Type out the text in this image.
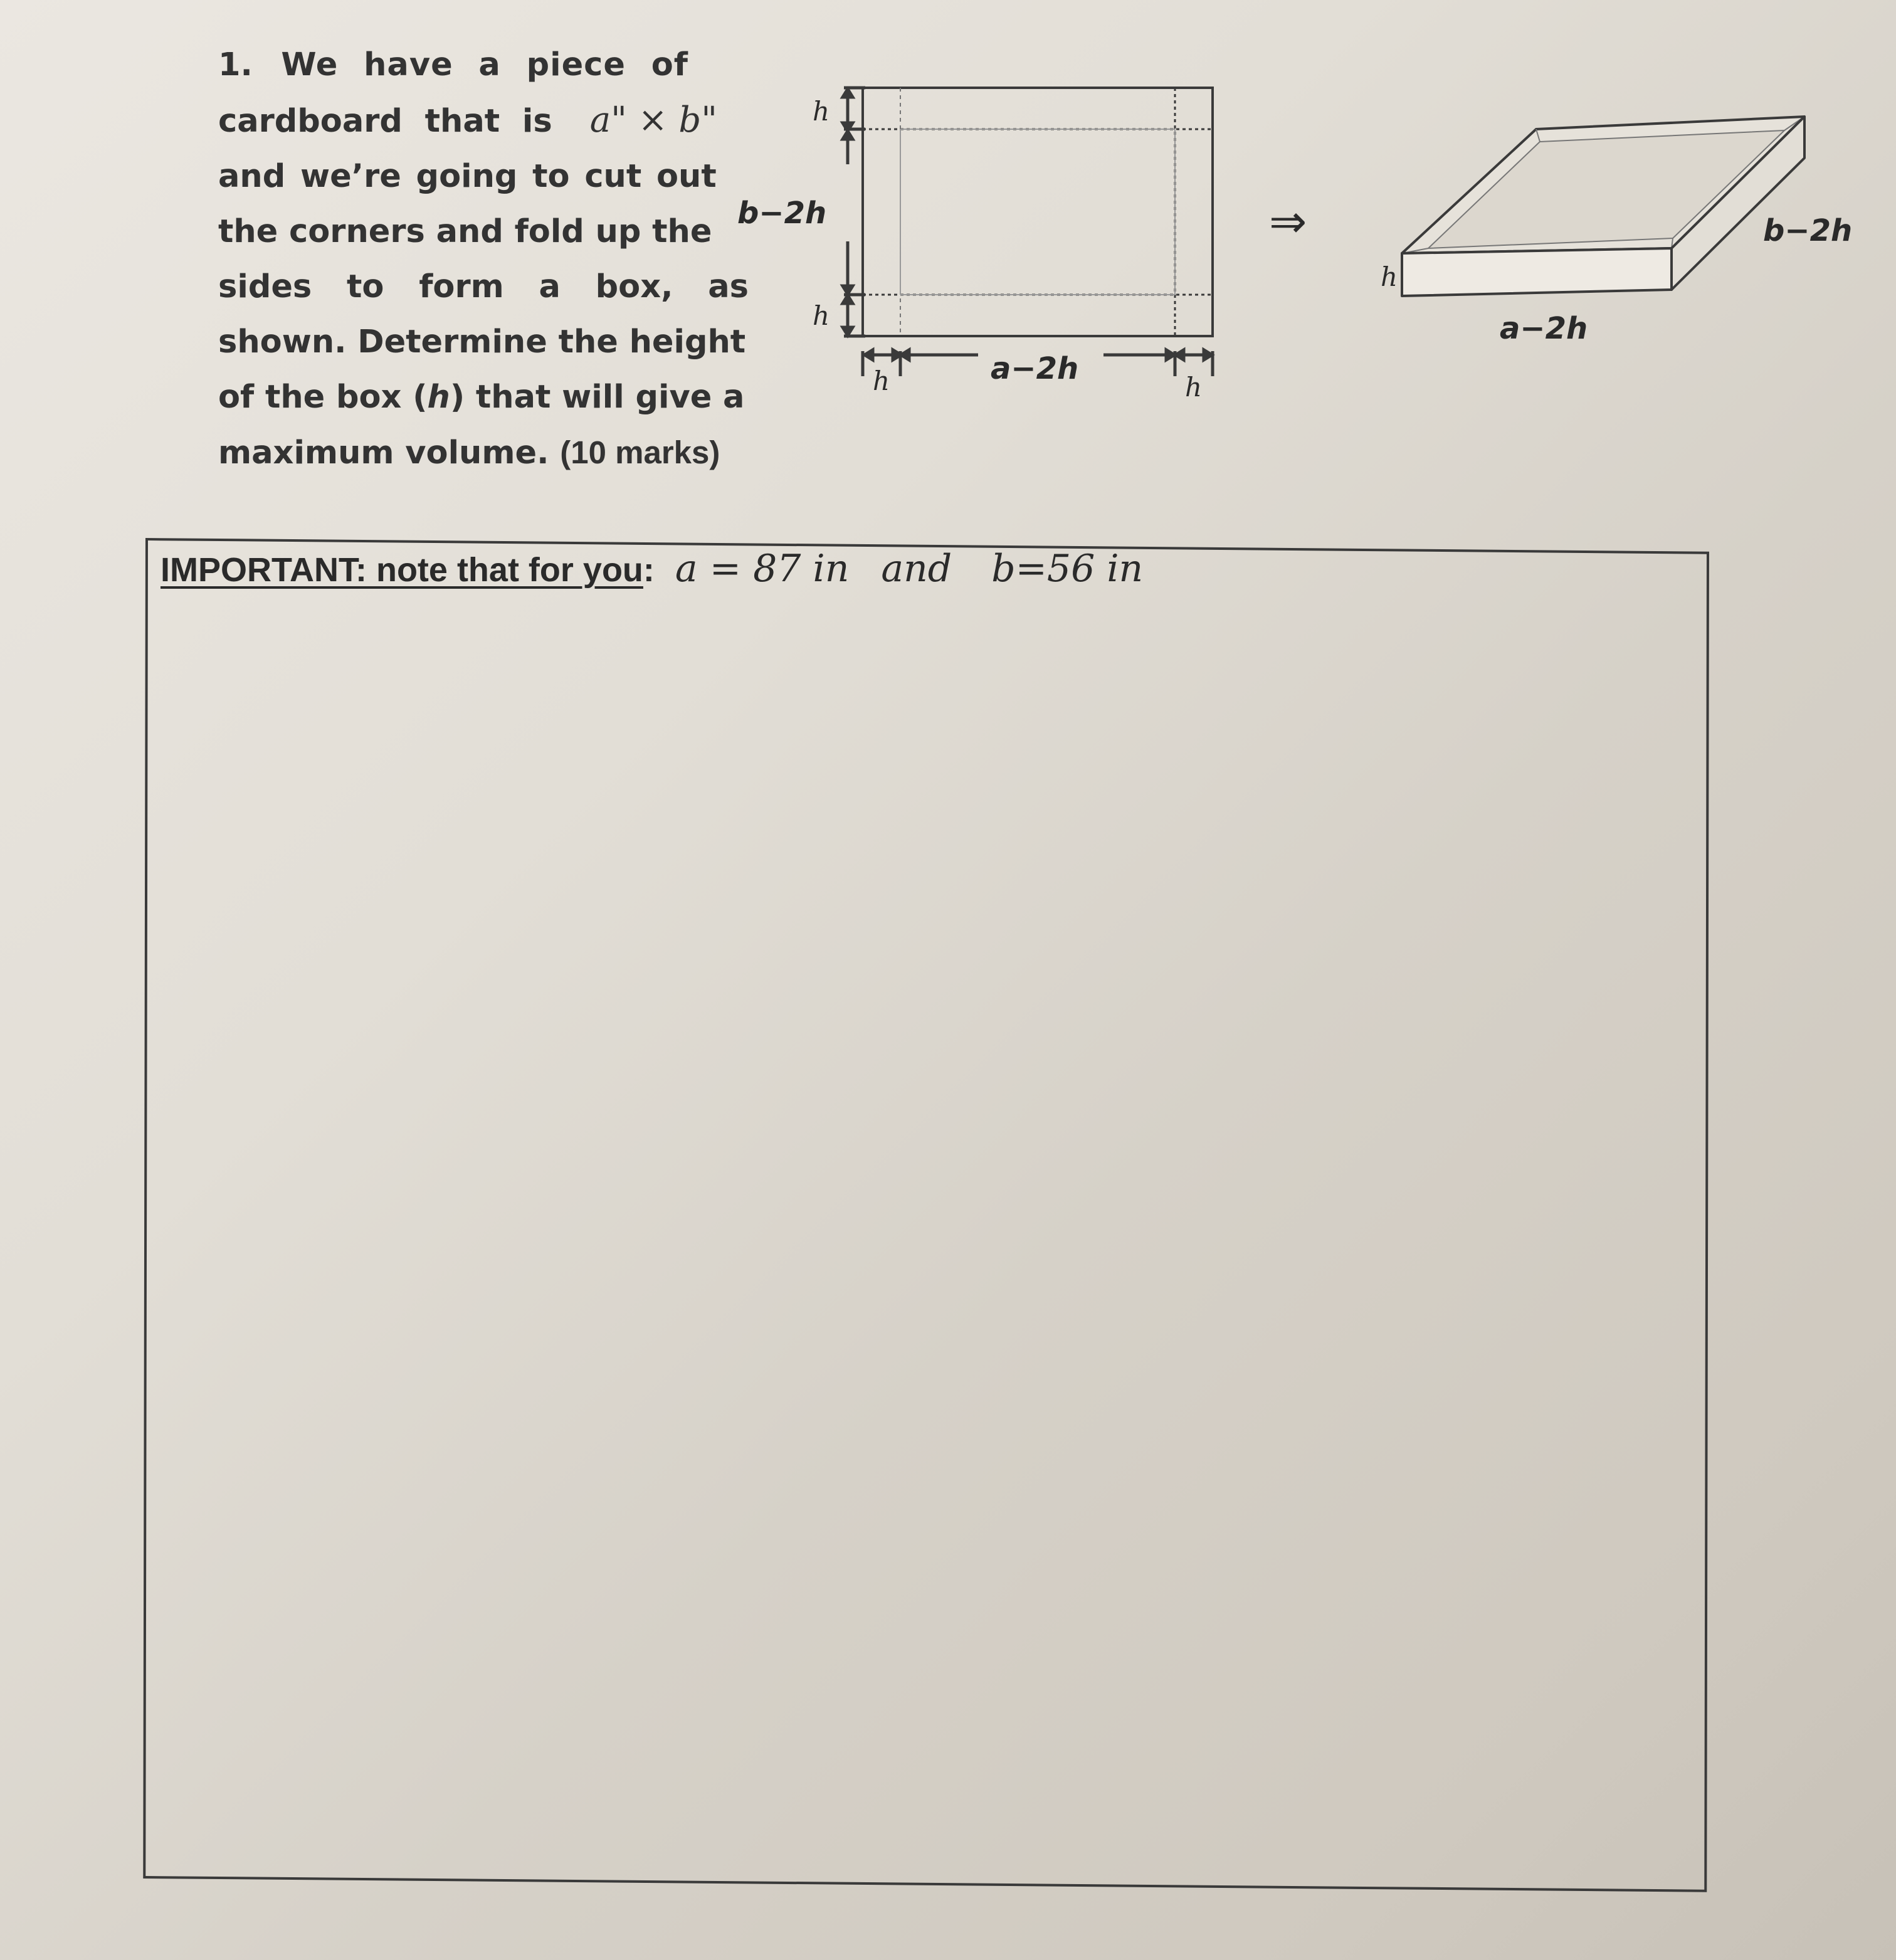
1. We have a piece of
cardboard that is a" × b"
and we’re going to cut out
the corners and fold up the
sides to form a box, as
shown. Determine the height
of the box (h) that will give a
maximum volume. (10 marks)
h
b−2h
h
a−2h
h	h
⇒	b−2h
h
a−2h
IMPORTANT: note that for you: a = 87 in and b=56 in
